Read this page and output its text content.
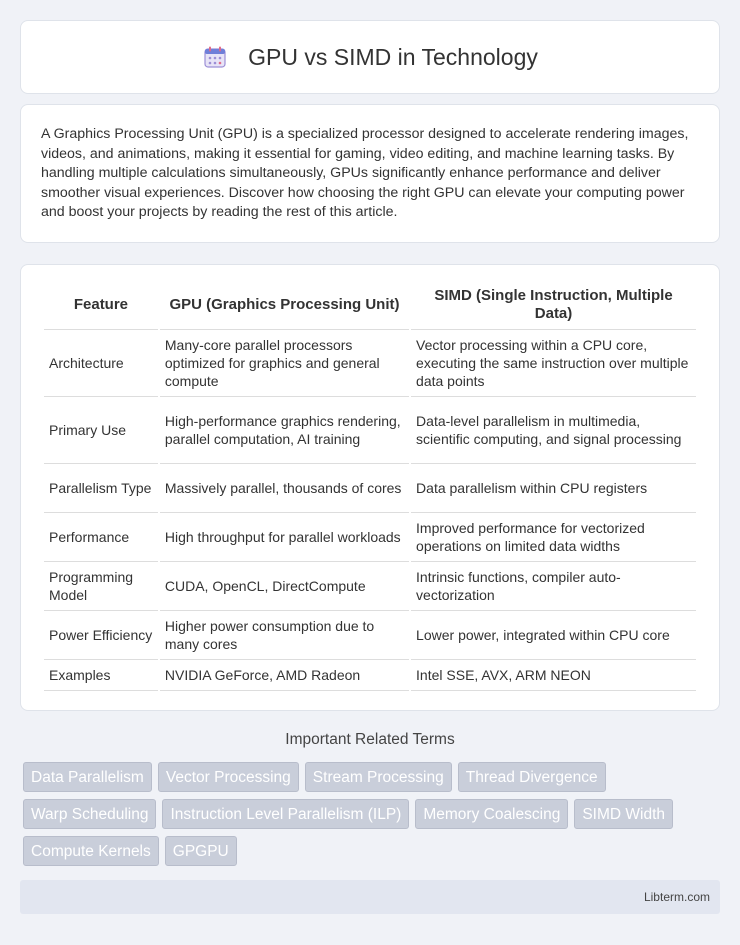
GPU vs SIMD in Technology

A Graphics Processing Unit (GPU) is a specialized processor designed to accelerate rendering images, videos, and animations, making it essential for gaming, video editing, and machine learning tasks. By handling multiple calculations simultaneously, GPUs significantly enhance performance and deliver smoother visual experiences. Discover how choosing the right GPU can elevate your computing power and boost your projects by reading the rest of this article.

Feature	GPU (Graphics Processing Unit)	SIMD (Single Instruction, Multiple Data)
Architecture	Many-core parallel processors optimized for graphics and general compute	Vector processing within a CPU core, executing the same instruction over multiple data points
Primary Use	High-performance graphics rendering, parallel computation, AI training	Data-level parallelism in multimedia, scientific computing, and signal processing
Parallelism Type	Massively parallel, thousands of cores	Data parallelism within CPU registers
Performance	High throughput for parallel workloads	Improved performance for vectorized operations on limited data widths
Programming Model	CUDA, OpenCL, DirectCompute	Intrinsic functions, compiler auto-vectorization
Power Efficiency	Higher power consumption due to many cores	Lower power, integrated within CPU core
Examples	NVIDIA GeForce, AMD Radeon	Intel SSE, AVX, ARM NEON
Important Related Terms
Data Parallelism	Vector Processing	Stream Processing	Thread Divergence
Warp Scheduling	Instruction Level Parallelism (ILP)	Memory Coalescing	SIMD Width
Compute Kernels	GPGPU
Libterm.com
